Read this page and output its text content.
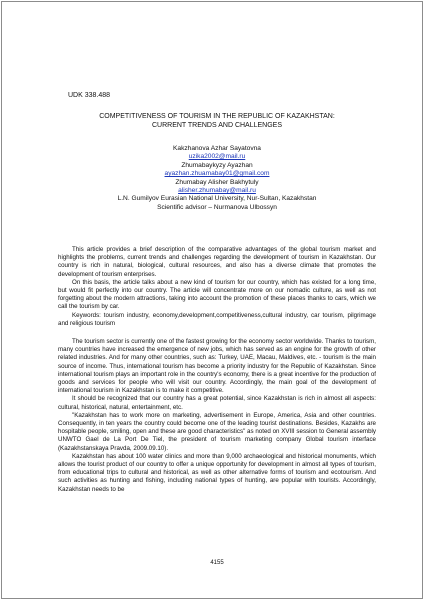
UDK 338.488
COMPETITIVENESS OF TOURISM IN THE REPUBLIC OF KAZAKHSTAN:
CURRENT TRENDS AND CHALLENGES
Kakzhanova Azhar Sayatovna
uzika2002@mail.ru
Zhumabaykyzy Ayazhan
ayazhan.zhuamabay01@gmail.com
Zhumabay Alisher Bakhytuly
alisher.zhumabay@mail.ru
L.N. Gumilyov Eurasian National University, Nur-Sultan, Kazakhstan
Scientific advisor – Nurmanova Ulbossyn

This article provides a brief description of the comparative advantages of the global tourism market and highlights the problems, current trends and challenges regarding the development of tourism in Kazakhstan. Our country is rich in natural, biological, cultural resources, and also has a diverse climate that promotes the development of tourism enterprises.

On this basis, the article talks about a new kind of tourism for our country, which has existed for a long time, but would fit perfectly into our country. The article will concentrate more on our nomadic culture, as well as not forgetting about the modern attractions, taking into account the promotion of these places thanks to cars, which we call the tourism by car.

Keywords: tourism industry, economy,development,competitiveness,cultural industry, car tourism, pilgrimage and religious tourism

The tourism sector is currently one of the fastest growing for the economy sector worldwide. Thanks to tourism, many countries have increased the emergence of new jobs, which has served as an engine for the growth of other related industries. And for many other countries, such as: Turkey, UAE, Macau, Maldives, etc. - tourism is the main source of income. Thus, international tourism has become a priority industry for the Republic of Kazakhstan. Since international tourism plays an important role in the country's economy, there is a great incentive for the production of goods and services for people who will visit our country. Accordingly, the main goal of the development of international tourism in Kazakhstan is to make it competitive.

It should be recognized that our country has a great potential, since Kazakhstan is rich in almost all aspects: cultural, historical, natural, entertainment, etc.

"Kazakhstan has to work more on marketing, advertisement in Europe, America, Asia and other countries. Consequently, in ten years the country could become one of the leading tourist destinations. Besides, Kazakhs are hospitable people, smiling, open and these are good characteristics" as noted on XVIII session to General assembly UNWTO Gael de La Port De Tiel, the president of tourism marketing company Global tourism interface (Kazakhstanskaya Pravda, 2009.09.10).

Kazakhstan has about 100 water clinics and more than 9,000 archaeological and historical monuments, which allows the tourist product of our country to offer a unique opportunity for development in almost all types of tourism, from educational trips to cultural and historical, as well as other alternative forms of tourism and ecotourism. And such activities as hunting and fishing, including national types of hunting, are popular with tourists. Accordingly, Kazakhstan needs to be

4155
